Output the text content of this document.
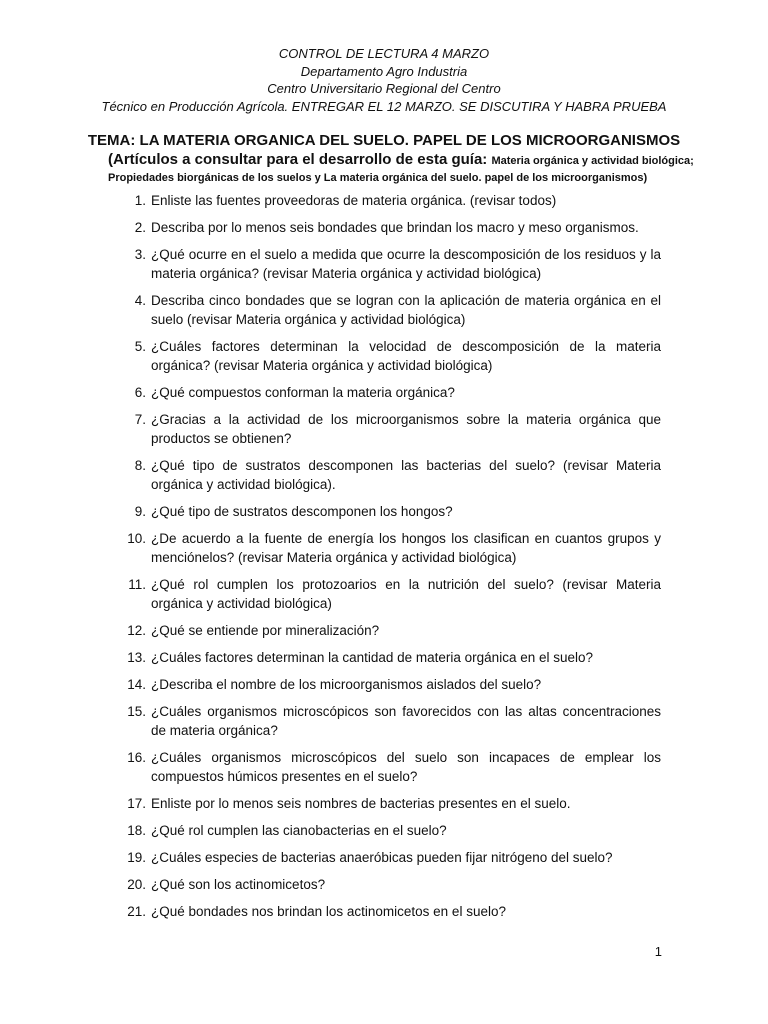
CONTROL DE LECTURA 4 MARZO
Departamento Agro Industria
Centro Universitario Regional del Centro
Técnico en Producción Agrícola. ENTREGAR EL 12 MARZO. SE DISCUTIRA Y HABRA PRUEBA
TEMA: LA MATERIA ORGANICA DEL SUELO. PAPEL DE LOS MICROORGANISMOS
(Artículos a consultar para el desarrollo de esta guía: Materia orgánica y actividad biológica;
Propiedades biorgánicas de los suelos y La materia orgánica del suelo. papel de los microorganismos)
1. Enliste las fuentes proveedoras de materia orgánica. (revisar todos)
2. Describa por lo menos seis bondades que brindan los macro y meso organismos.
3. ¿Qué ocurre en el suelo a medida que ocurre la descomposición de los residuos y la materia orgánica? (revisar Materia orgánica y actividad biológica)
4. Describa cinco bondades que se logran con la aplicación de materia orgánica en el suelo (revisar Materia orgánica y actividad biológica)
5. ¿Cuáles factores determinan la velocidad de descomposición de la materia orgánica? (revisar Materia orgánica y actividad biológica)
6. ¿Qué compuestos conforman la materia orgánica?
7. ¿Gracias a la actividad de los microorganismos sobre la materia orgánica que productos se obtienen?
8. ¿Qué tipo de sustratos descomponen las bacterias del suelo? (revisar Materia orgánica y actividad biológica).
9. ¿Qué tipo de sustratos descomponen los hongos?
10. ¿De acuerdo a la fuente de energía los hongos los clasifican en cuantos grupos y menciónelos? (revisar Materia orgánica y actividad biológica)
11. ¿Qué rol cumplen los protozoarios en la nutrición del suelo? (revisar Materia orgánica y actividad biológica)
12. ¿Qué se entiende por mineralización?
13. ¿Cuáles factores determinan la cantidad de materia orgánica en el suelo?
14. ¿Describa el nombre de los microorganismos aislados del suelo?
15. ¿Cuáles organismos microscópicos son favorecidos con las altas concentraciones de materia orgánica?
16. ¿Cuáles organismos microscópicos del suelo son incapaces de emplear los compuestos húmicos presentes en el suelo?
17. Enliste por lo menos seis nombres de bacterias presentes en el suelo.
18. ¿Qué rol cumplen las cianobacterias en el suelo?
19. ¿Cuáles especies de bacterias anaeróbicas pueden fijar nitrógeno del suelo?
20. ¿Qué son los actinomicetos?
21. ¿Qué bondades nos brindan los actinomicetos en el suelo?
1
